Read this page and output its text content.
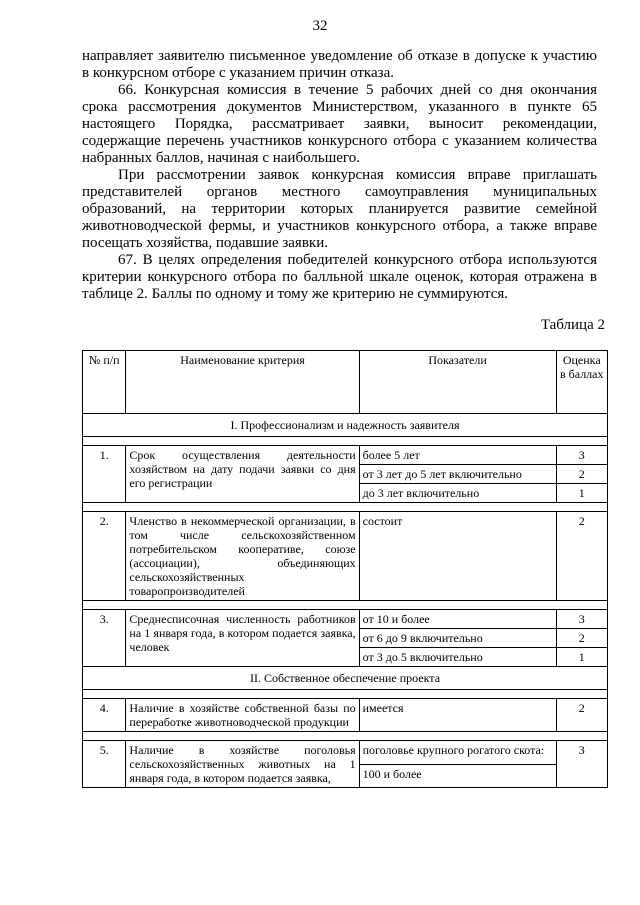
32

направляет заявителю письменное уведомление об отказе в допуске к участию в конкурсном отборе с указанием причин отказа.

66. Конкурсная комиссия в течение 5 рабочих дней со дня окончания срока рассмотрения документов Министерством, указанного в пункте 65 настоящего Порядка, рассматривает заявки, выносит рекомендации, содержащие перечень участников конкурсного отбора с указанием количества набранных баллов, начиная с наибольшего.

При рассмотрении заявок конкурсная комиссия вправе приглашать представителей органов местного самоуправления муниципальных образований, на территории которых планируется развитие семейной животноводческой фермы, и участников конкурсного отбора, а также вправе посещать хозяйства, подавшие заявки.

67. В целях определения победителей конкурсного отбора используются критерии конкурсного отбора по балльной шкале оценок, которая отражена в таблице 2. Баллы по одному и тому же критерию не суммируются.

Таблица 2
№ п/п	Наименование критерия	Показатели	Оценка в баллах
I. Профессионализм и надежность заявителя			

1.	Срок осуществления деятельности хозяйством на дату подачи заявки со дня его регистрации	более 5 лет	3
		от 3 лет до 5 лет включительно	2
		до 3 лет включительно	1

2.	Членство в некоммерческой организации, в том числе сельскохозяйственном потребительском кооперативе, союзе (ассоциации), объединяющих сельскохозяйственных товаропроизводителей	состоит	2

3.	Среднесписочная численность работников на 1 января года, в котором подается заявка, человек	от 10 и более	3
		от 6 до 9 включительно	2
		от 3 до 5 включительно	1
II. Собственное обеспечение проекта			

4.	Наличие в хозяйстве собственной базы по переработке животноводческой продукции	имеется	2

5.	Наличие в хозяйстве поголовья сельскохозяйственных животных на 1 января года, в котором подается заявка,	поголовье крупного рогатого скота:	3
		100 и более	
